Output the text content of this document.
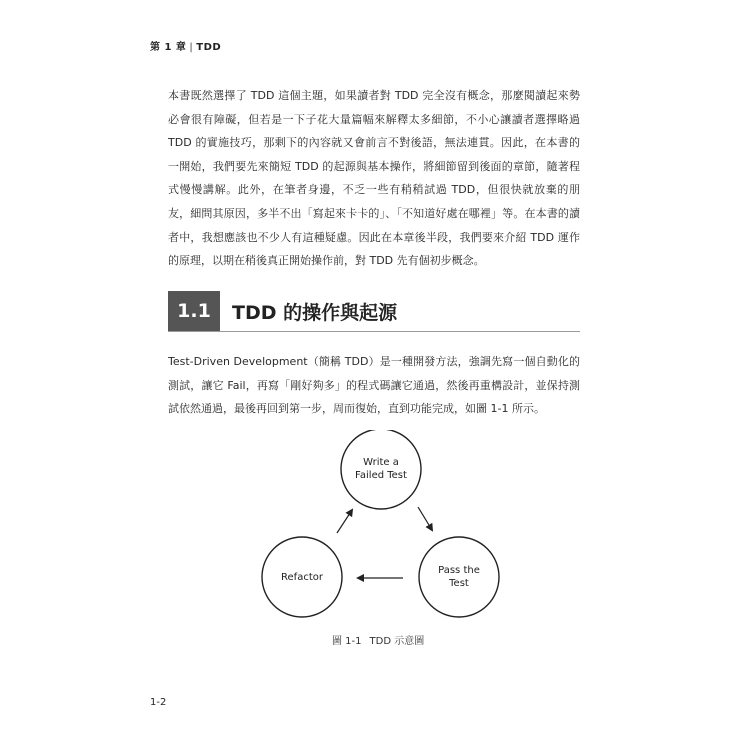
第 1 章 | TDD

本書既然選擇了 TDD 這個主題，如果讀者對 TDD 完全沒有概念，那麼閱讀起來勢必會很有障礙，但若是一下子花大量篇幅來解釋太多細節，不小心讓讀者選擇略過 TDD 的實施技巧，那剩下的內容就又會前言不對後語，無法連貫。因此，在本書的一開始，我們要先來簡短 TDD 的起源與基本操作，將細節留到後面的章節，隨著程式慢慢講解。此外，在筆者身邊，不乏一些有稍稍試過 TDD，但很快就放棄的朋友，細問其原因，多半不出「寫起來卡卡的」、「不知道好處在哪裡」等。在本書的讀者中，我想應該也不少人有這種疑慮。因此在本章後半段，我們要來介紹 TDD 運作的原理，以期在稍後真正開始操作前，對 TDD 先有個初步概念。

1.1	TDD 的操作與起源

Test-Driven Development（簡稱 TDD）是一種開發方法，強調先寫一個自動化的測試，讓它 Fail，再寫「剛好夠多」的程式碼讓它通過，然後再重構設計，並保持測試依然通過，最後再回到第一步，周而復始，直到功能完成，如圖 1-1 所示。

Write a
Failed Test
Pass the
Test
Refactor
圖 1-1 TDD 示意圖
1-2
